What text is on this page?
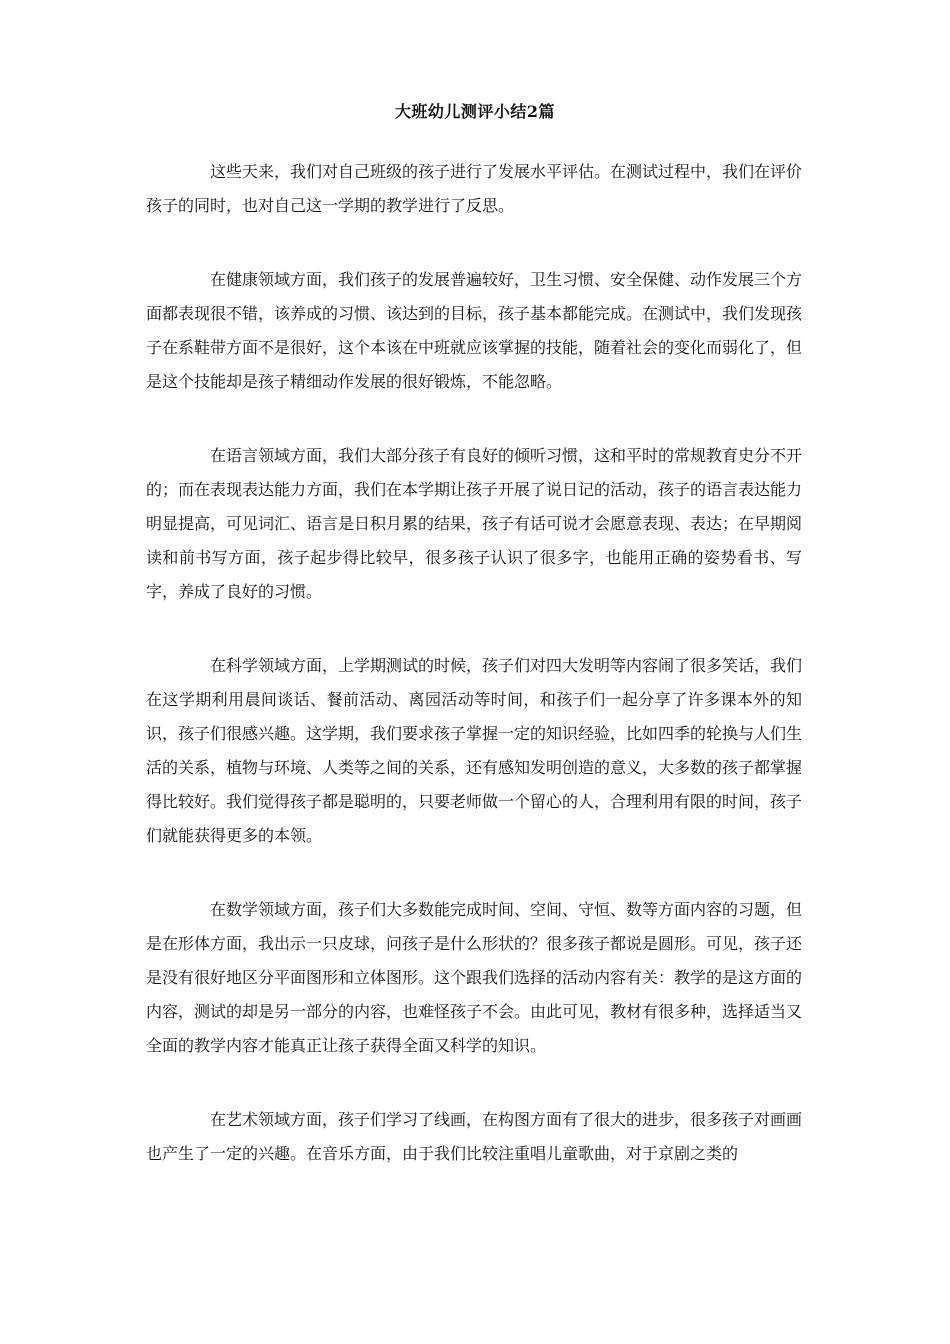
大班幼儿测评小结2篇

这些天来，我们对自己班级的孩子进行了发展水平评估。在测试过程中，我们在评价孩子的同时，也对自己这一学期的教学进行了反思。

在健康领域方面，我们孩子的发展普遍较好，卫生习惯、安全保健、动作发展三个方面都表现很不错，该养成的习惯、该达到的目标，孩子基本都能完成。在测试中，我们发现孩子在系鞋带方面不是很好，这个本该在中班就应该掌握的技能，随着社会的变化而弱化了，但是这个技能却是孩子精细动作发展的很好锻炼，不能忽略。

在语言领域方面，我们大部分孩子有良好的倾听习惯，这和平时的常规教育史分不开的；而在表现表达能力方面，我们在本学期让孩子开展了说日记的活动，孩子的语言表达能力明显提高，可见词汇、语言是日积月累的结果，孩子有话可说才会愿意表现、表达；在早期阅读和前书写方面，孩子起步得比较早，很多孩子认识了很多字，也能用正确的姿势看书、写字，养成了良好的习惯。

在科学领域方面，上学期测试的时候，孩子们对四大发明等内容闹了很多笑话，我们在这学期利用晨间谈话、餐前活动、离园活动等时间，和孩子们一起分享了许多课本外的知识，孩子们很感兴趣。这学期，我们要求孩子掌握一定的知识经验，比如四季的轮换与人们生活的关系，植物与环境、人类等之间的关系，还有感知发明创造的意义，大多数的孩子都掌握得比较好。我们觉得孩子都是聪明的，只要老师做一个留心的人，合理利用有限的时间，孩子们就能获得更多的本领。

在数学领域方面，孩子们大多数能完成时间、空间、守恒、数等方面内容的习题，但是在形体方面，我出示一只皮球，问孩子是什么形状的？很多孩子都说是圆形。可见，孩子还是没有很好地区分平面图形和立体图形。这个跟我们选择的活动内容有关：教学的是这方面的内容，测试的却是另一部分的内容，也难怪孩子不会。由此可见，教材有很多种，选择适当又全面的教学内容才能真正让孩子获得全面又科学的知识。

在艺术领域方面，孩子们学习了线画，在构图方面有了很大的进步，很多孩子对画画也产生了一定的兴趣。在音乐方面，由于我们比较注重唱儿童歌曲，对于京剧之类的
